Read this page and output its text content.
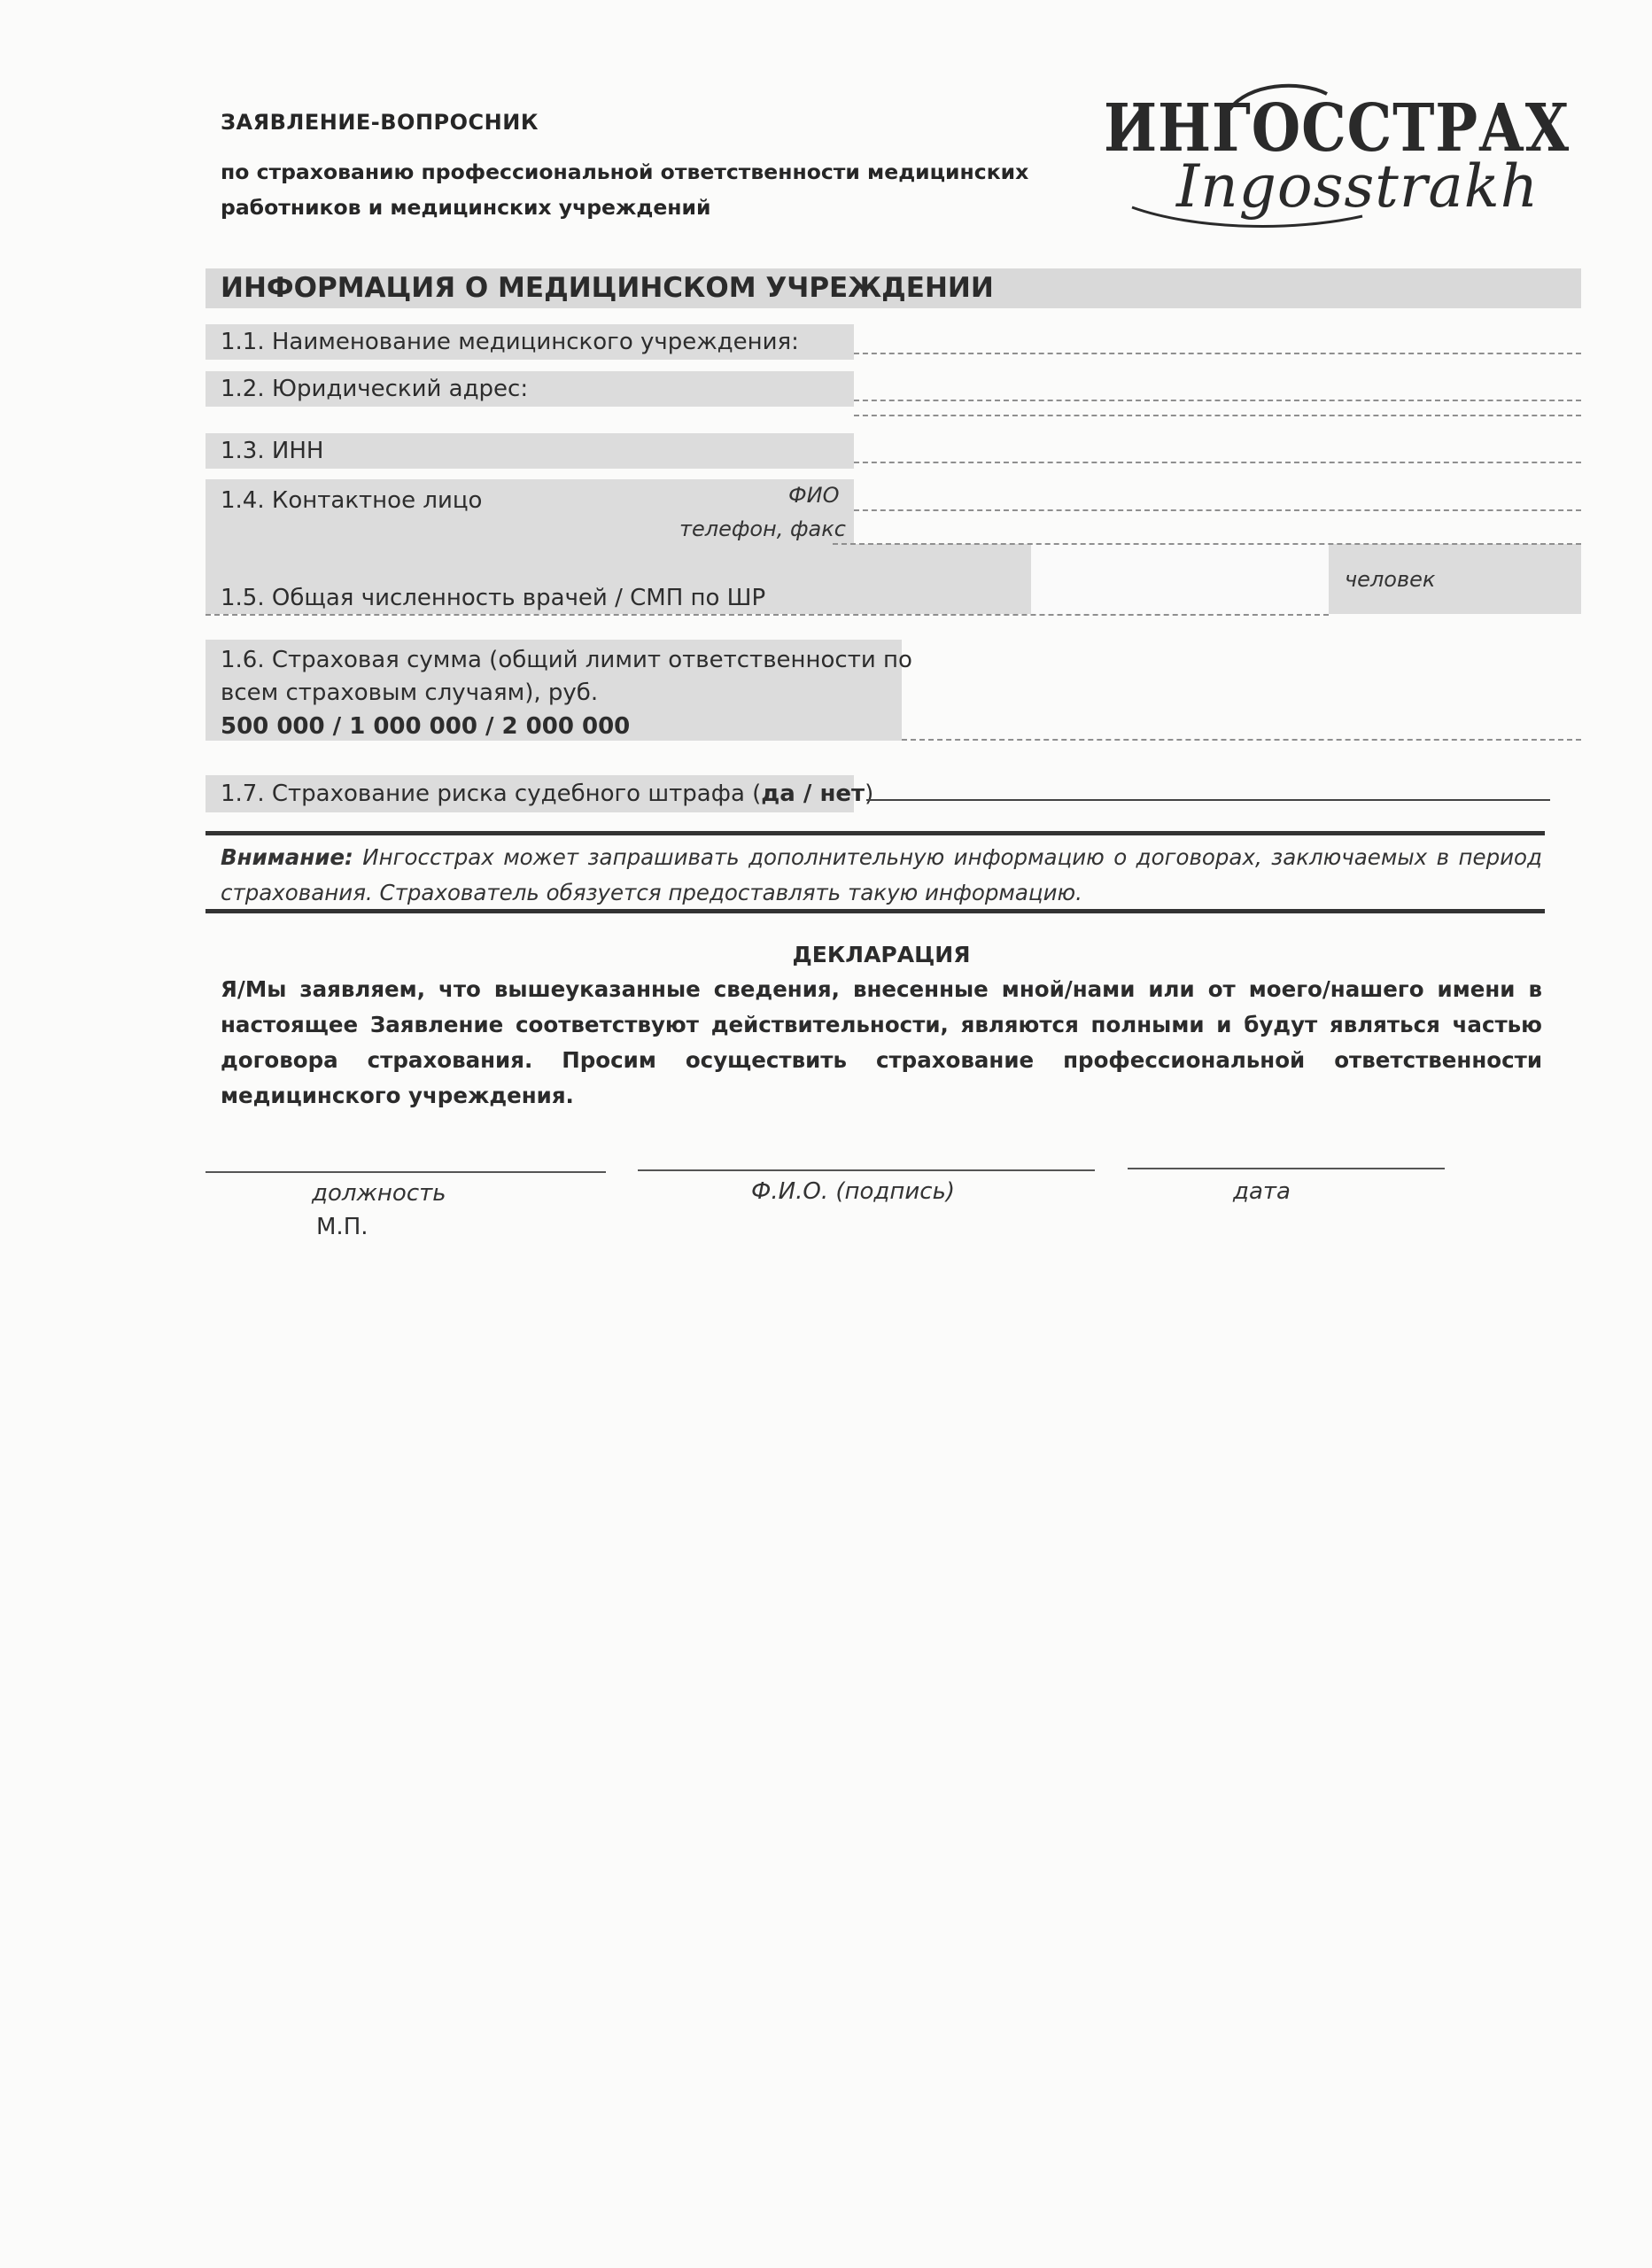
ЗАЯВЛЕНИЕ-ВОПРОСНИК
по страхованию профессиональной ответственности медицинских работников и медицинских учреждений
ИНГОССТРАХ
Ingosstrakh
ИНФОРМАЦИЯ О МЕДИЦИНСКОМ УЧРЕЖДЕНИИ
1.1. Наименование медицинского учреждения:
1.2. Юридический адрес:
1.3. ИНН
1.4. Контактное лицо	ФИО
телефон, факс
1.5. Общая численность врачей / СМП по ШР
человек
1.6. Страховая сумма (общий лимит ответственности по
всем страховым случаям), руб.
500 000 / 1 000 000 / 2 000 000
1.7. Страхование риска судебного штрафа (да / нет)
Внимание: Ингосстрах может запрашивать дополнительную информацию о договорах, заключаемых в период страхования. Страхователь обязуется предоставлять такую информацию.
ДЕКЛАРАЦИЯ
Я/Мы заявляем, что вышеуказанные сведения, внесенные мной/нами или от моего/нашего имени в настоящее Заявление соответствуют действительности, являются полными и будут являться частью договора страхования. Просим осуществить страхование профессиональной ответственности медицинского учреждения.
должность	Ф.И.О. (подпись)	дата
М.П.
